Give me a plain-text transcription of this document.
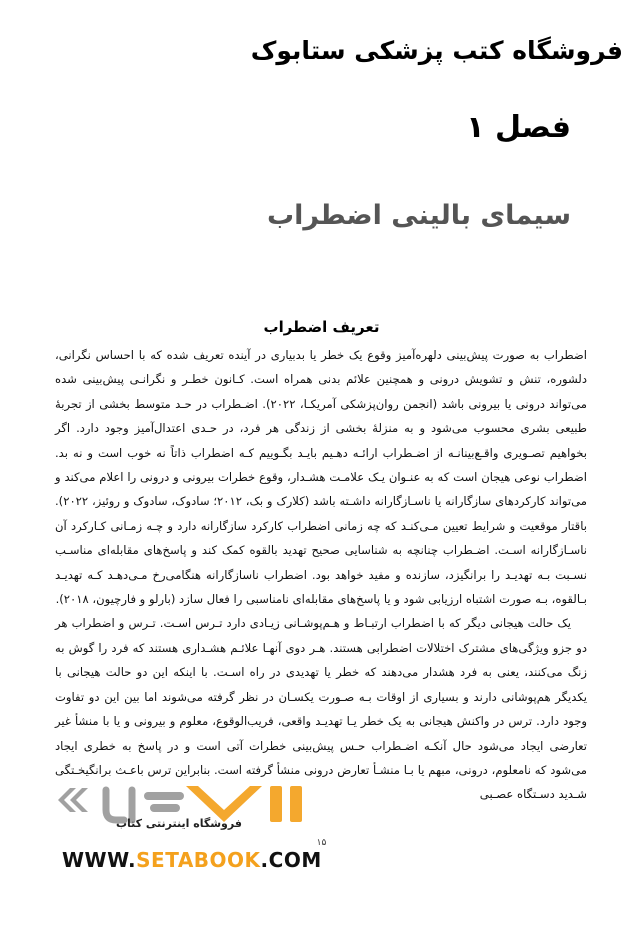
فروشگاه کتب پزشکی ستابوک
فصل ۱
سیمای بالینی اضطراب
تعریف اضطراب

اضطراب به صورت پیش‌بینی دلهره‌آمیز وقوع یک خطر یا بدبیاری در آینده تعریف شده که با احساس نگرانی، دلشوره، تنش و تشویش درونی و همچنین علائم بدنی همراه است. کـانون خطـر و نگرانـی پیش‌بینی شده می‌تواند درونی یا بیرونی باشد (انجمن روان‌پزشکی آمریکـا، ۲۰۲۲). اضـطراب در حـد متوسط بخشی از تجربهٔ طبیعی بشری محسوب می‌شود و به منزلهٔ بخشی از زندگی هر فرد، در حـدی اعتدال‌آمیز وجود دارد. اگر بخواهیم تصـویری واقـع‌بینانـه از اضـطراب ارائـه دهـیم بایـد بگـوییم کـه اضطراب ذاتاً نه خوب است و نه بد. اضطراب نوعی هیجان است که به عنـوان یـک علامـت هشـدار، وقوع خطرات بیرونی و درونی را اعلام می‌کند و می‌تواند کارکردهای سازگارانه یا ناسـازگارانه داشـته باشد (کلارک و بک، ۲۰۱۲؛ سادوک، سادوک و روئیز، ۲۰۲۲). باقتار موقعیت و شرایط تعیین مـی‌کنـد که چه زمانی اضطراب کارکرد سازگارانه دارد و چـه زمـانی کـارکرد آن ناسـازگارانه اسـت. اضـطراب چنانچه به شناسایی صحیح تهدید بالقوه کمک کند و پاسخ‌های مقابله‌ای مناسـب نسـبت بـه تهدیـد را برانگیزد، سازنده و مفید خواهد بود. اضطراب ناسازگارانه هنگامی‌رخ مـی‌دهـد کـه تهدیـد بـالقوه، بـه صورت اشتباه ارزیابی شود و یا پاسخ‌های مقابله‌ای نامناسبی را فعال سازد (بارلو و فارچیون، ۲۰۱۸).

یک حالت هیجانی دیگر که با اضطراب ارتبـاط و هـم‌پوشـانی زیـادی دارد تـرس اسـت. تـرس و اضطراب هر دو جزو ویژگی‌های مشترک اختلالات اضطرابی هستند. هـر دوی آنهـا علائـم هشـداری هستند که فرد را گوش به زنگ می‌کنند، یعنی به فرد هشدار می‌دهند که خطر یا تهدیدی در راه اسـت. با اینکه این دو حالت هیجانی با یکدیگر هم‌پوشانی دارند و بسیاری از اوقات بـه صـورت یکسـان در نظر گرفته می‌شوند اما بین این دو تفاوت وجود دارد. ترس در واکنش هیجانی به یک خطر یـا تهدیـد واقعی، فریب‌الوقوع، معلوم و بیرونی و یا با منشأ غیر تعارضی ایجاد می‌شود حال آنکـه اضـطراب حـس پیش‌بینی خطرات آتی است و در پاسخ به خطری ایجاد می‌شود که نامعلوم، درونی، مبهم یا بـا منشـأ تعارض درونی منشأ گرفته است. بنابراین ترس باعـث برانگیخـتگی شـدید دسـتگاه عصـبی

۱۵
فروشگاه اینترنتی کتاب
WWW.SETABOOK.COM
